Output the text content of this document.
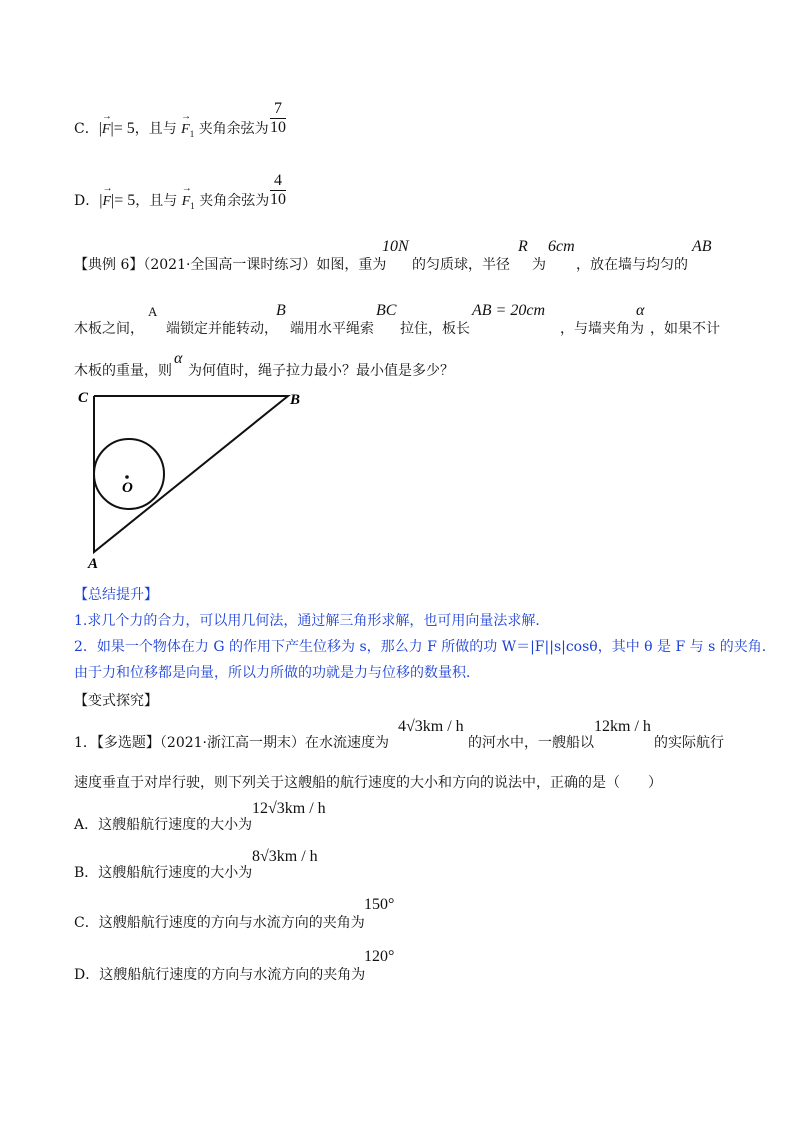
C．|→ F|= 5，且与 → $F_1$ 夹角余弦为 $\frac{7}{10}$
D．|→ F|= 5，且与 → $F_1$ 夹角余弦为 $\frac{4}{10}$
【典例 6】（2021·全国高一课时练习）如图，重为
10N
的匀质球，半径
R
为
6cm
，放在墙与均匀的
AB
木板之间，
A
端锁定并能转动，
B
端用水平绳索
BC
拉住，板长
AB = 20cm
，与墙夹角为
α
，如果不计
木板的重量，则
α
为何值时，绳子拉力最小？最小值是多少？
C	B
A
O
【总结提升】
1.求几个力的合力，可以用几何法，通过解三角形求解，也可用向量法求解．
2．如果一个物体在力 G 的作用下产生位移为 s，那么力 F 所做的功 W＝|F||s|cosθ，其中 θ 是 F 与 s 的夹角．
由于力和位移都是向量，所以力所做的功就是力与位移的数量积．
【变式探究】
1．【多选题】（2021·浙江高一期末）在水流速度为
4√3km / h
的河水中，一艘船以
12km / h
的实际航行
速度垂直于对岸行驶，则下列关于这艘船的航行速度的大小和方向的说法中，正确的是（　　）
A．这艘船航行速度的大小为
12√3km / h
B．这艘船航行速度的大小为
8√3km / h
C．这艘船航行速度的方向与水流方向的夹角为
150°
D．这艘船航行速度的方向与水流方向的夹角为
120°
